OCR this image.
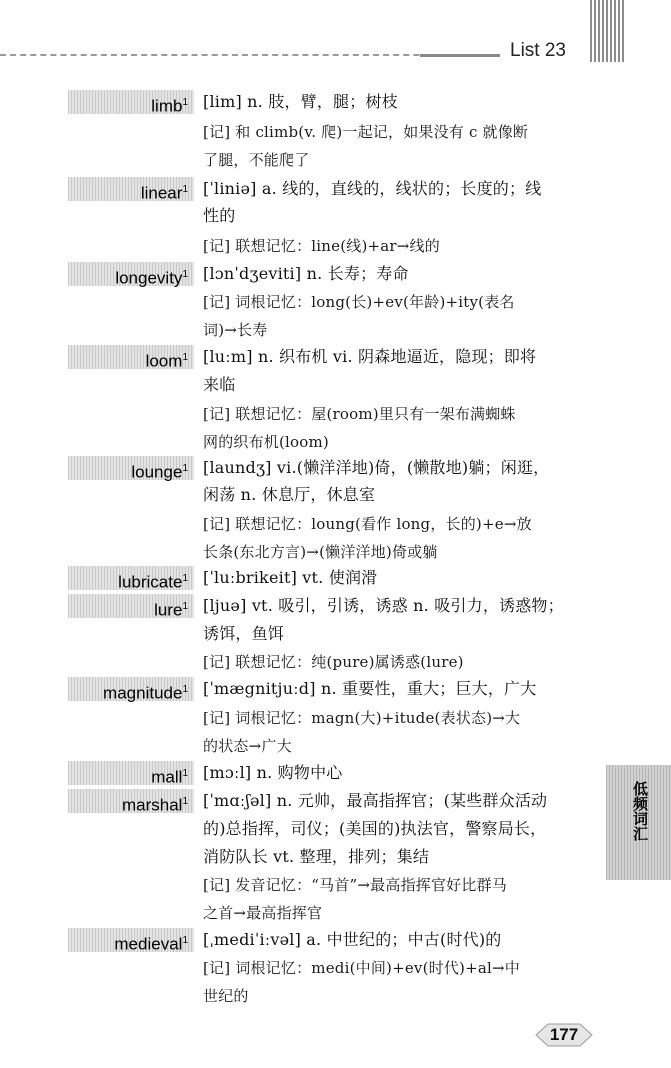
List 23
limb$^1$ [lim] n. 肢，臂，腿；树枝
[记] 和 climb(v. 爬)一起记，如果没有 c 就像断
了腿，不能爬了
linear$^1$ [ˈliniə] a. 线的，直线的，线状的；长度的；线
性的
[记] 联想记忆：line(线)+ar→线的
longevity$^1$ [lɔnˈdʒeviti] n. 长寿；寿命
[记] 词根记忆：long(长)+ev(年龄)+ity(表名
词)→长寿
loom$^1$ [luːm] n. 织布机 vi. 阴森地逼近，隐现；即将
来临
[记] 联想记忆：屋(room)里只有一架布满蜘蛛
网的织布机(loom)
lounge$^1$ [laundʒ] vi.(懒洋洋地)倚，(懒散地)躺；闲逛，
闲荡 n. 休息厅，休息室
[记] 联想记忆：loung(看作 long，长的)+e→放
长条(东北方言)→(懒洋洋地)倚或躺
lubricate$^1$ [ˈluːbrikeit] vt. 使润滑
lure$^1$ [ljuə] vt. 吸引，引诱，诱惑 n. 吸引力，诱惑物；
诱饵，鱼饵
[记] 联想记忆：纯(pure)属诱惑(lure)
magnitude$^1$ [ˈmægnitjuːd] n. 重要性，重大；巨大，广大
[记] 词根记忆：magn(大)+itude(表状态)→大
的状态→广大
mall$^1$ [mɔːl] n. 购物中心
marshal$^1$ [ˈmɑːʃəl] n. 元帅，最高指挥官；(某些群众活动
的)总指挥，司仪；(美国的)执法官，警察局长，
消防队长 vt. 整理，排列；集结
[记] 发音记忆：“马首”→最高指挥官好比群马
之首→最高指挥官
medieval$^1$ [ˌmediˈiːvəl] a. 中世纪的；中古(时代)的
[记] 词根记忆：medi(中间)+ev(时代)+al→中
世纪的
低频词汇
177
